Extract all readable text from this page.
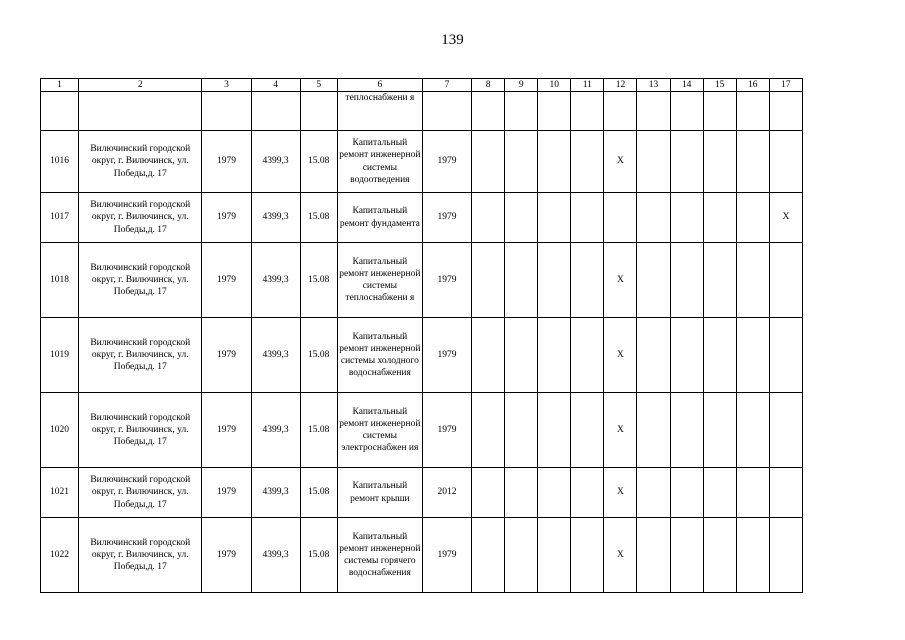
139
1	2	3	4	5	6	7	8	9	10	11	12	13	14	15	16	17
					теплоснабжени я											
1016	Вилючинский городской округ, г. Вилючинск, ул. Победы,д. 17	1979	4399,3	15.08	Капитальный ремонт инженерной системы водоотведения	1979					X					
1017	Вилючинский городской округ, г. Вилючинск, ул. Победы,д. 17	1979	4399,3	15.08	Капитальный ремонт фундамента	1979										X
1018	Вилючинский городской округ, г. Вилючинск, ул. Победы,д. 17	1979	4399,3	15.08	Капитальный ремонт инженерной системы теплоснабжени я	1979					X					
1019	Вилючинский городской округ, г. Вилючинск, ул. Победы,д. 17	1979	4399,3	15.08	Капитальный ремонт инженерной системы холодного водоснабжения	1979					X					
1020	Вилючинский городской округ, г. Вилючинск, ул. Победы,д. 17	1979	4399,3	15.08	Капитальный ремонт инженерной системы электроснабжен ия	1979					X					
1021	Вилючинский городской округ, г. Вилючинск, ул. Победы,д. 17	1979	4399,3	15.08	Капитальный ремонт крыши	2012					X					
1022	Вилючинский городской округ, г. Вилючинск, ул. Победы,д. 17	1979	4399,3	15.08	Капитальный ремонт инженерной системы горячего водоснабжения	1979					X					
